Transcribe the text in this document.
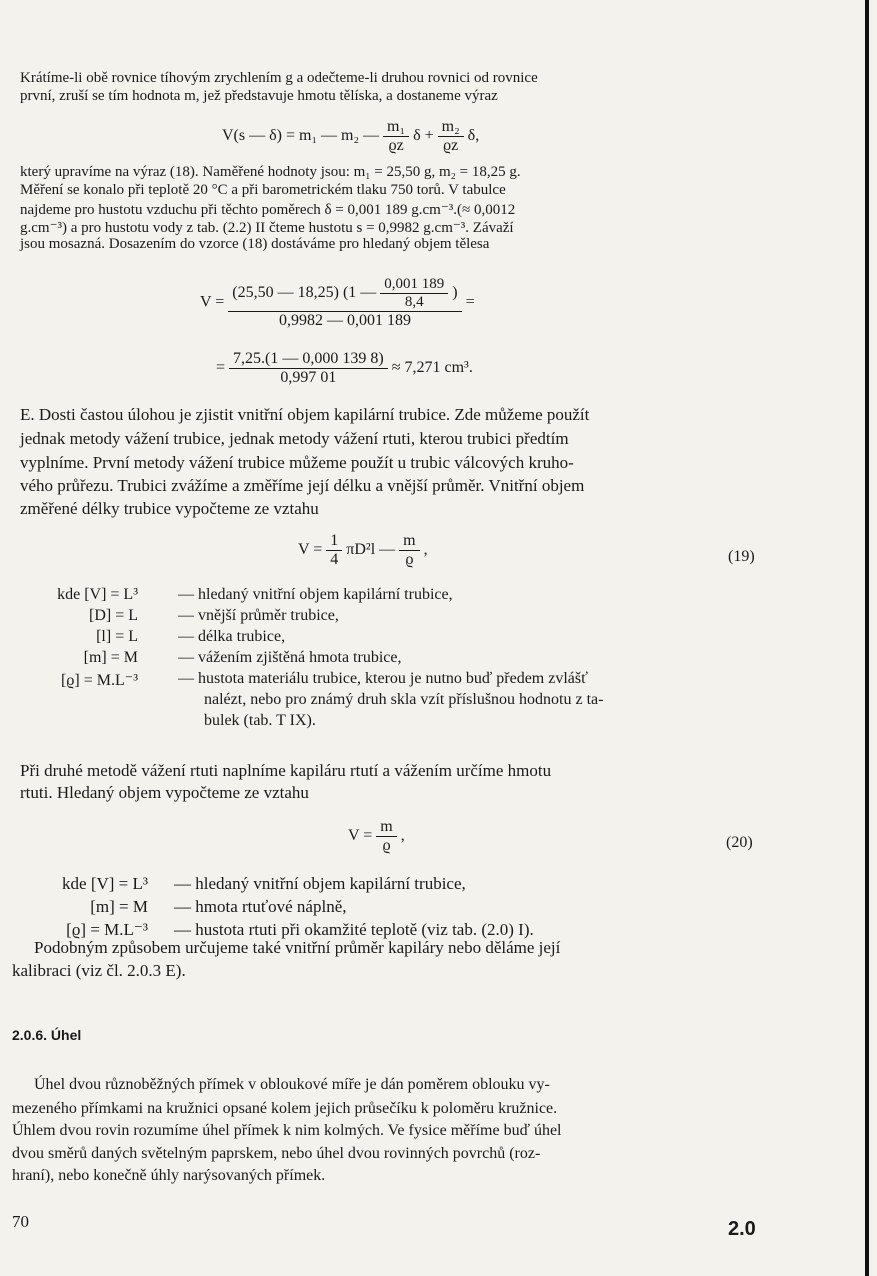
Krátíme-li obě rovnice tíhovým zrychlením g a odečteme-li druhou rovnici od rovnice
první, zruší se tím hodnota m, jež představuje hmotu tělíska, a dostaneme výraz
V(s — δ) = m₁ — m₂ — $\frac{\text{m₁}}{ϱz}$ $\delta + \frac{\text{m₂}}{ϱz} \delta$,
který upravíme na výraz (18). Naměřené hodnoty jsou: m₁ = 25,50 g, m₂ = 18,25 g.
Měření se konalo při teplotě 20 °C a při barometrickém tlaku 750 torů. V tabulce
najdeme pro hustotu vzduchu při těchto poměrech δ = 0,001 189 g.cm⁻³.(≈ 0,0012
g.cm⁻³) a pro hustotu vody z tab. (2.2) II čteme hustotu s = 0,9982 g.cm⁻³. Závaží
jsou mosazná. Dosazením do vzorce (18) dostáváme pro hledaný objem tělesa
V =
(25,50 — 18,25) (1 — $\frac{0,001 189}{8,4}$ )
0,9982 — 0,001 189
=
= $\frac{7,25.(1 — 0,000 139 8)}{0,997 01} \approx 7,271$ cm³.
E. Dosti častou úlohou je zjistit vnitřní objem kapilární trubice. Zde můžeme použít
jednak metody vážení trubice, jednak metody vážení rtuti, kterou trubici předtím
vyplníme. První metody vážení trubice můžeme použít u trubic válcových kruho-
vého průřezu. Trubici zvážíme a změříme její délku a vnější průměr. Vnitřní objem
změřené délky trubice vypočteme ze vztahu
$V = \frac{1}{4} \pi D^2l$ — $\frac{m}{ϱ}$ ,	(19)
kde [V] = L³	— hledaný vnitřní objem kapilární trubice,
[D] = L	— vnější průměr trubice,
[l] = L	— délka trubice,
[m] = M	— vážením zjištěná hmota trubice,
[ϱ] = M.L⁻³	— hustota materiálu trubice, kterou je nutno buď předem zvlášť
nalézt, nebo pro známý druh skla vzít příslušnou hodnotu z ta-
bulek (tab. T IX).
Při druhé metodě vážení rtuti naplníme kapiláru rtutí a vážením určíme hmotu
rtuti. Hledaný objem vypočteme ze vztahu
$V = \frac{m}{ϱ}$ ,	(20)
kde [V] = L³ — hledaný vnitřní objem kapilární trubice,
[m] = M — hmota rtuťové náplně,
[ϱ] = M.L⁻³ — hustota rtuti při okamžité teplotě (viz tab. (2.0) I).
Podobným způsobem určujeme také vnitřní průměr kapiláry nebo děláme její
kalibraci (viz čl. 2.0.3 E).
2.0.6. Úhel
Úhel dvou různoběžných přímek v obloukové míře je dán poměrem oblouku vy-
mezeného přímkami na kružnici opsané kolem jejich průsečíku k poloměru kružnice.
Úhlem dvou rovin rozumíme úhel přímek k nim kolmých. Ve fysice měříme buď úhel
dvou směrů daných světelným paprskem, nebo úhel dvou rovinných povrchů (roz-
hraní), nebo konečně úhly narýsovaných přímek.
70	2.0
